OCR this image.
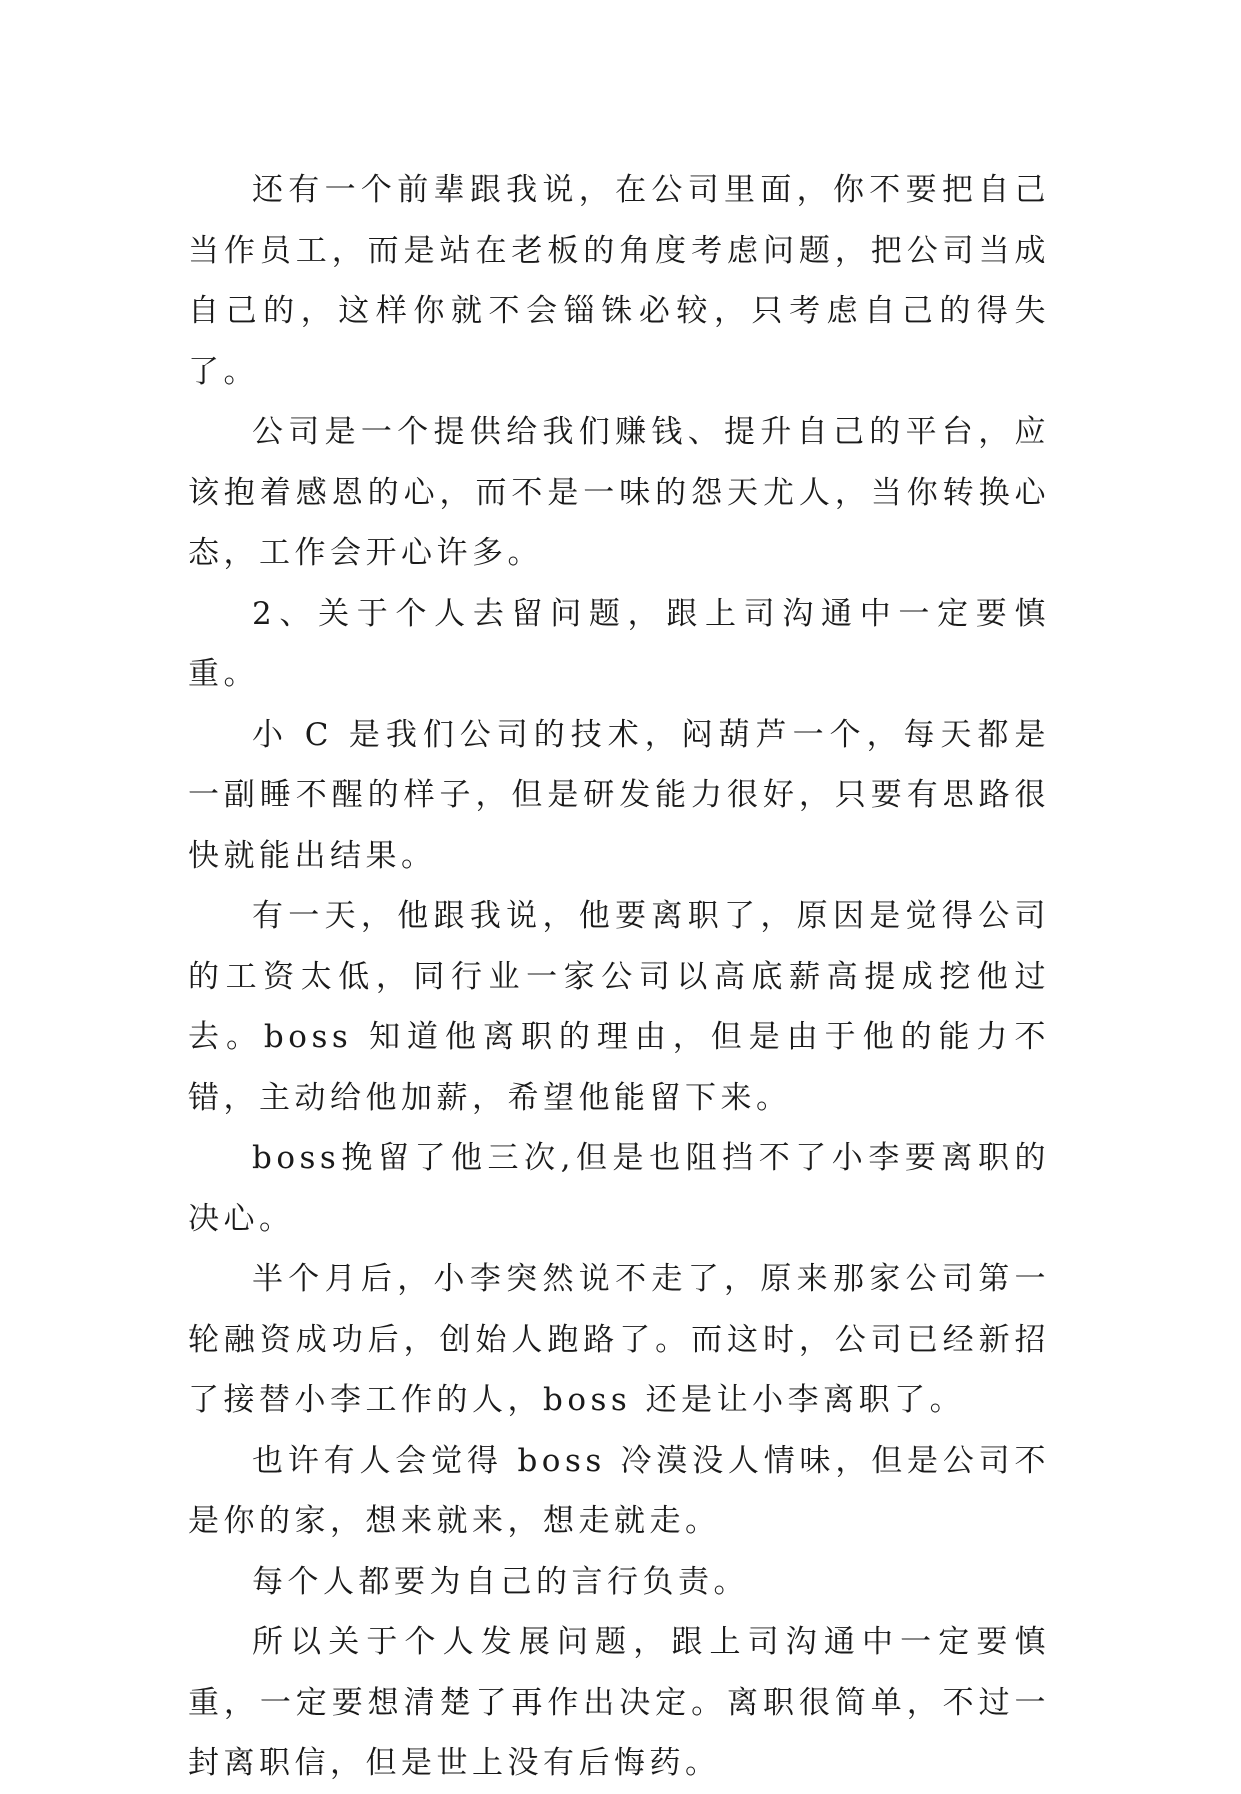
还有一个前辈跟我说，在公司里面，你不要把自己当作员工，而是站在老板的角度考虑问题，把公司当成自己的，这样你就不会锱铢必较，只考虑自己的得失了。

公司是一个提供给我们赚钱、提升自己的平台，应该抱着感恩的心，而不是一味的怨天尤人，当你转换心态，工作会开心许多。

2、关于个人去留问题，跟上司沟通中一定要慎重。

小 C 是我们公司的技术，闷葫芦一个，每天都是一副睡不醒的样子，但是研发能力很好，只要有思路很快就能出结果。

有一天，他跟我说，他要离职了，原因是觉得公司的工资太低，同行业一家公司以高底薪高提成挖他过去。boss 知道他离职的理由，但是由于他的能力不错，主动给他加薪，希望他能留下来。

boss挽留了他三次,但是也阻挡不了小李要离职的决心。

半个月后，小李突然说不走了，原来那家公司第一轮融资成功后，创始人跑路了。而这时，公司已经新招了接替小李工作的人，boss 还是让小李离职了。

也许有人会觉得 boss 冷漠没人情味，但是公司不是你的家，想来就来，想走就走。

每个人都要为自己的言行负责。

所以关于个人发展问题，跟上司沟通中一定要慎重，一定要想清楚了再作出决定。离职很简单，不过一封离职信，但是世上没有后悔药。
